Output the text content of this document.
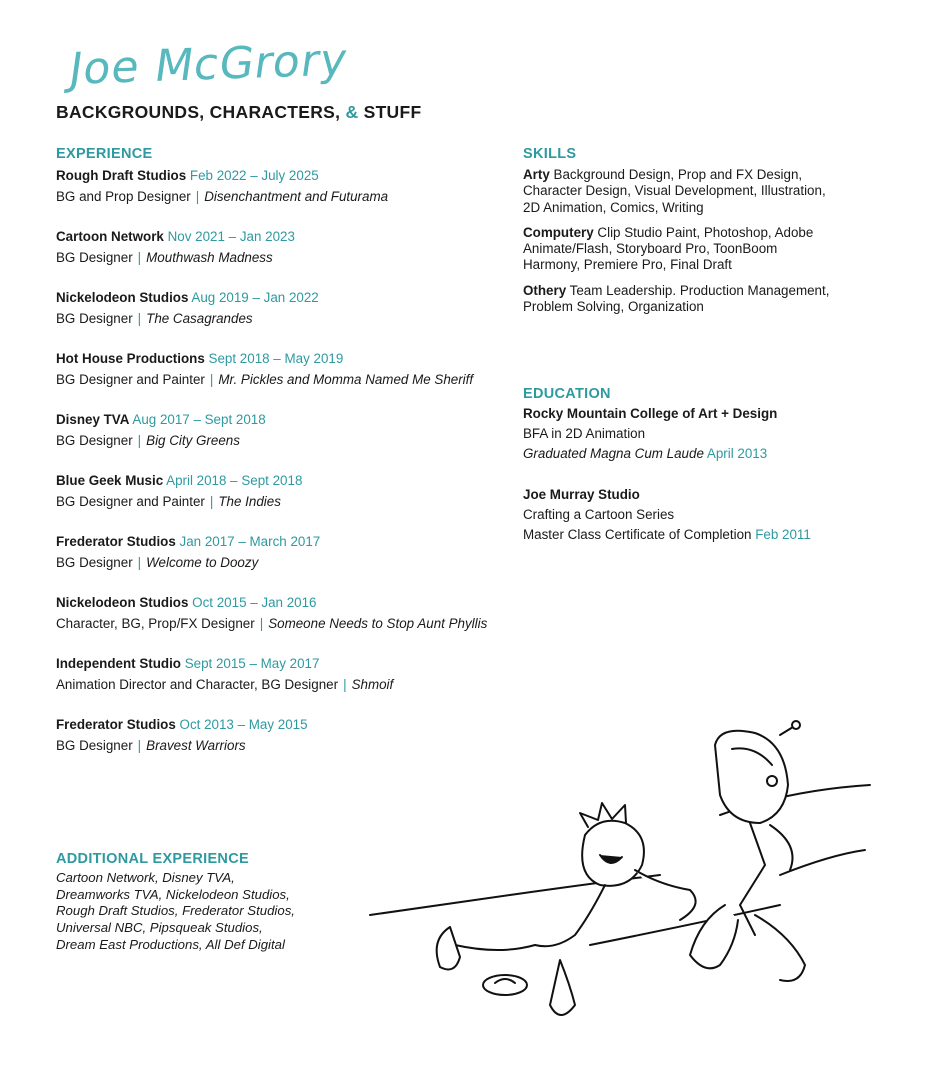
Joe McGrory
BACKGROUNDS, CHARACTERS, & STUFF
EXPERIENCE
Rough Draft Studios Feb 2022 – July 2025
BG and Prop Designer | Disenchantment and Futurama
Cartoon Network Nov 2021 – Jan 2023
BG Designer | Mouthwash Madness
Nickelodeon Studios Aug 2019 – Jan 2022
BG Designer | The Casagrandes
Hot House Productions Sept 2018 – May 2019
BG Designer and Painter | Mr. Pickles and Momma Named Me Sheriff
Disney TVA Aug 2017 – Sept 2018
BG Designer | Big City Greens
Blue Geek Music April 2018 – Sept 2018
BG Designer and Painter | The Indies
Frederator Studios Jan 2017 – March 2017
BG Designer | Welcome to Doozy
Nickelodeon Studios Oct 2015 – Jan 2016
Character, BG, Prop/FX Designer | Someone Needs to Stop Aunt Phyllis
Independent Studio Sept 2015 – May 2017
Animation Director and Character, BG Designer | Shmoif
Frederator Studios Oct 2013 – May 2015
BG Designer | Bravest Warriors
SKILLS
Arty Background Design, Prop and FX Design, Character Design, Visual Development, Illustration, 2D Animation, Comics, Writing
Computery Clip Studio Paint, Photoshop, Adobe Animate/Flash, Storyboard Pro, ToonBoom Harmony, Premiere Pro, Final Draft
Othery Team Leadership. Production Management, Problem Solving, Organization
EDUCATION
Rocky Mountain College of Art + Design
BFA in 2D Animation
Graduated Magna Cum Laude April 2013
Joe Murray Studio
Crafting a Cartoon Series
Master Class Certificate of Completion Feb 2011
ADDITIONAL EXPERIENCE
Cartoon Network, Disney TVA,
Dreamworks TVA, Nickelodeon Studios,
Rough Draft Studios, Frederator Studios,
Universal NBC, Pipsqueak Studios,
Dream East Productions, All Def Digital
